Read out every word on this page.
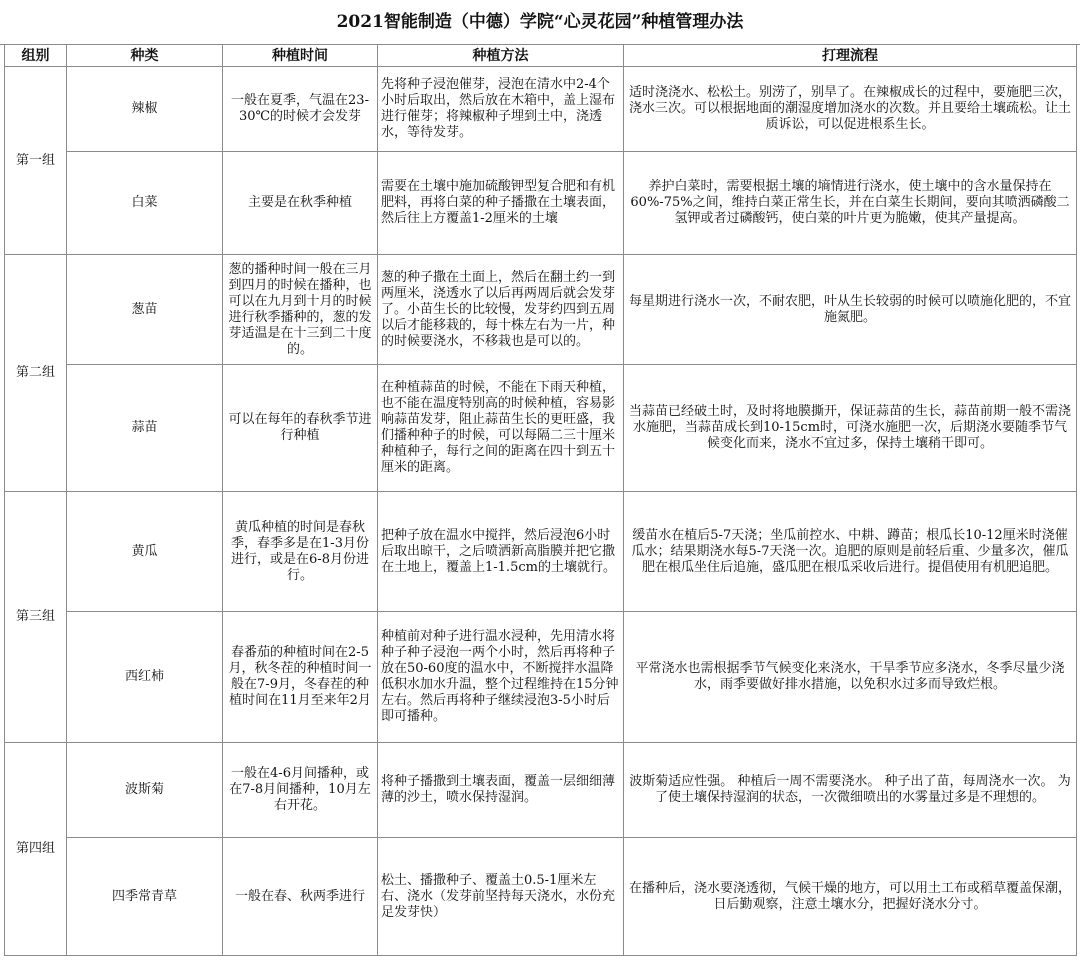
2021智能制造（中德）学院“心灵花园”种植管理办法
组别	种类	种植时间	种植方法	打理流程
第一组	辣椒	一般在夏季，气温在23-30℃的时候才会发芽	先将种子浸泡催芽，浸泡在清水中2-4个小时后取出，然后放在木箱中，盖上湿布进行催芽；将辣椒种子埋到土中，浇透水，等待发芽。	适时浇浇水、松松土。别涝了，别旱了。在辣椒成长的过程中，要施肥三次，浇水三次。可以根据地面的潮湿度增加浇水的次数。并且要给土壤疏松。让土质诉讼，可以促进根系生长。
	白菜	主要是在秋季种植	需要在土壤中施加硫酸钾型复合肥和有机肥料，再将白菜的种子播撒在土壤表面，然后往上方覆盖1-2厘米的土壤	养护白菜时，需要根据土壤的墒情进行浇水，使土壤中的含水量保持在60%-75%之间，维持白菜正常生长，并在白菜生长期间，要向其喷洒磷酸二氢钾或者过磷酸钙，使白菜的叶片更为脆嫩，使其产量提高。
第二组	葱苗	葱的播种时间一般在三月到四月的时候在播种，也可以在九月到十月的时候进行秋季播种的，葱的发芽适温是在十三到二十度的。	葱的种子撒在土面上，然后在翻土约一到两厘米，浇透水了以后再两周后就会发芽了。小苗生长的比较慢，发芽约四到五周以后才能移栽的，每十株左右为一片，种的时候要浇水，不移栽也是可以的。	每星期进行浇水一次，不耐农肥，叶从生长较弱的时候可以喷施化肥的，不宜施氮肥。
	蒜苗	可以在每年的春秋季节进行种植	在种植蒜苗的时候，不能在下雨天种植，也不能在温度特别高的时候种植，容易影响蒜苗发芽，阻止蒜苗生长的更旺盛，我们播种种子的时候，可以每隔二三十厘米种植种子，每行之间的距离在四十到五十厘米的距离。	当蒜苗已经破土时，及时将地膜撕开，保证蒜苗的生长，蒜苗前期一般不需浇水施肥，当蒜苗成长到10-15cm时，可浇水施肥一次，后期浇水要随季节气候变化而来，浇水不宜过多，保持土壤稍干即可。
第三组	黄瓜	黄瓜种植的时间是春秋季，春季多是在1-3月份进行，或是在6-8月份进行。	把种子放在温水中搅拌，然后浸泡6小时后取出晾干，之后喷洒新高脂膜并把它撒在土地上，覆盖上1-1.5cm的土壤就行。	缓苗水在植后5-7天浇；坐瓜前控水、中耕、蹲苗；根瓜长10-12厘米时浇催瓜水；结果期浇水每5-7天浇一次。追肥的原则是前轻后重、少量多次，催瓜肥在根瓜坐住后追施，盛瓜肥在根瓜采收后进行。提倡使用有机肥追肥。
	西红柿	春番茄的种植时间在2-5月，秋冬茬的种植时间一般在7-9月，冬春茬的种植时间在11月至来年2月	种植前对种子进行温水浸种，先用清水将种子种子浸泡一两个小时，然后再将种子放在50-60度的温水中，不断搅拌水温降低积水加水升温，整个过程维持在15分钟左右。然后再将种子继续浸泡3-5小时后即可播种。	平常浇水也需根据季节气候变化来浇水，干旱季节应多浇水，冬季尽量少浇水，雨季要做好排水措施，以免积水过多而导致烂根。
第四组	波斯菊	一般在4-6月间播种，或在7-8月间播种，10月左右开花。	将种子播撒到土壤表面，覆盖一层细细薄薄的沙土，喷水保持湿润。	波斯菊适应性强。 种植后一周不需要浇水。 种子出了苗，每周浇水一次。 为了使土壤保持湿润的状态，一次微细喷出的水雾量过多是不理想的。
	四季常青草	一般在春、秋两季进行	松土、播撒种子、覆盖土0.5-1厘米左右、浇水（发芽前坚持每天浇水，水份充足发芽快）	在播种后，浇水要浇透彻，气候干燥的地方，可以用土工布或稻草覆盖保潮，日后勤观察，注意土壤水分，把握好浇水分寸。
